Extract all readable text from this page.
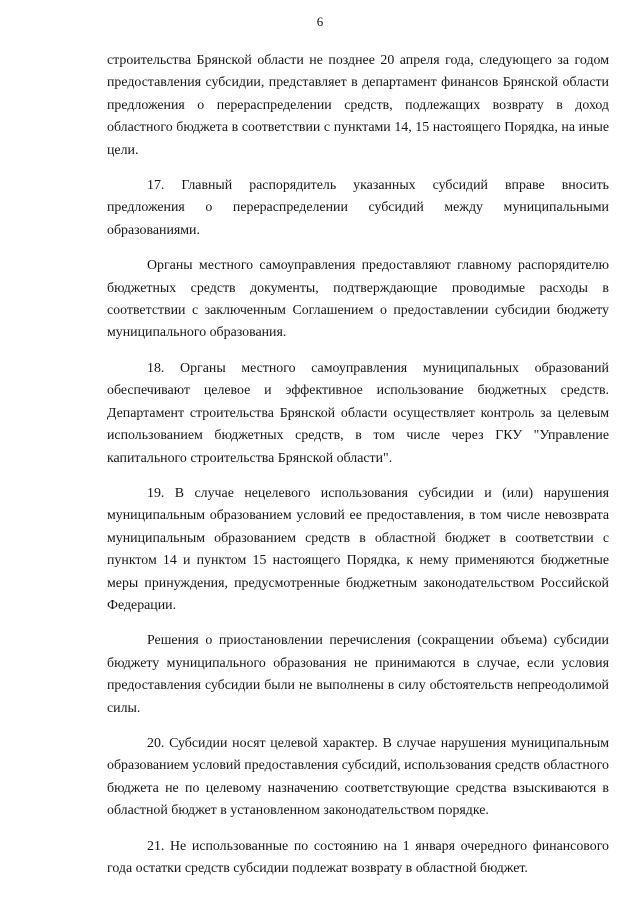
6

строительства Брянской области не позднее 20 апреля года, следующего за годом предоставления субсидии, представляет в департамент финансов Брянской области предложения о перераспределении средств, подлежащих возврату в доход областного бюджета в соответствии с пунктами 14, 15 настоящего Порядка, на иные цели.

17. Главный распорядитель указанных субсидий вправе вносить предложения о перераспределении субсидий между муниципальными образованиями.

Органы местного самоуправления предоставляют главному распорядителю бюджетных средств документы, подтверждающие проводимые расходы в соответствии с заключенным Соглашением о предоставлении субсидии бюджету муниципального образования.

18. Органы местного самоуправления муниципальных образований обеспечивают целевое и эффективное использование бюджетных средств. Департамент строительства Брянской области осуществляет контроль за целевым использованием бюджетных средств, в том числе через ГКУ "Управление капитального строительства Брянской области".

19. В случае нецелевого использования субсидии и (или) нарушения муниципальным образованием условий ее предоставления, в том числе невозврата муниципальным образованием средств в областной бюджет в соответствии с пунктом 14 и пунктом 15 настоящего Порядка, к нему применяются бюджетные меры принуждения, предусмотренные бюджетным законодательством Российской Федерации.

Решения о приостановлении перечисления (сокращении объема) субсидии бюджету муниципального образования не принимаются в случае, если условия предоставления субсидии были не выполнены в силу обстоятельств непреодолимой силы.

20. Субсидии носят целевой характер. В случае нарушения муниципальным образованием условий предоставления субсидий, использования средств областного бюджета не по целевому назначению соответствующие средства взыскиваются в областной бюджет в установленном законодательством порядке.

21. Не использованные по состоянию на 1 января очередного финансового года остатки средств субсидии подлежат возврату в областной бюджет.
